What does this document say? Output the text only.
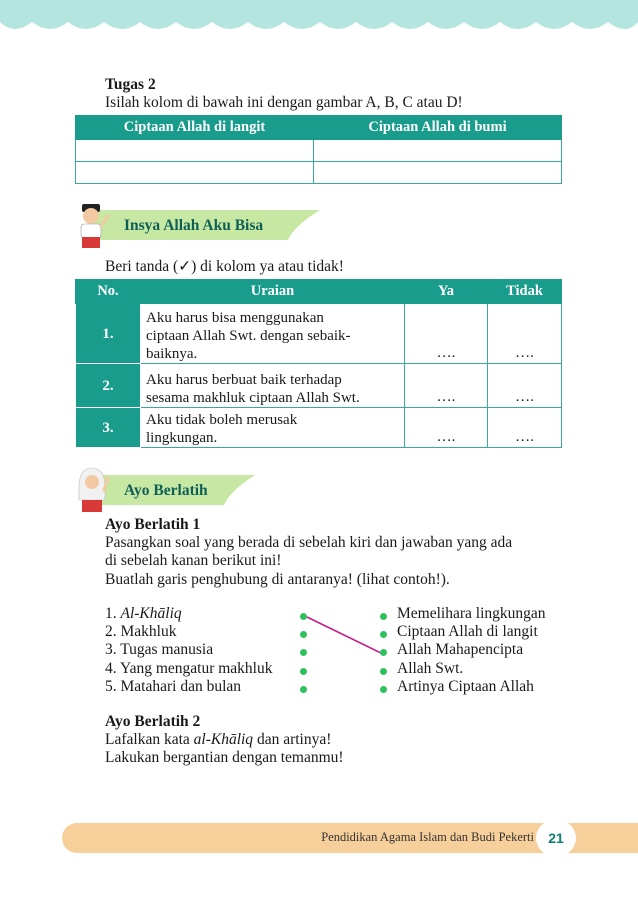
Tugas 2
Isilah kolom di bawah ini dengan gambar A, B, C atau D!
Ciptaan Allah di langit	Ciptaan Allah di bumi

Insya Allah Aku Bisa
Beri tanda (✓) di kolom ya atau tidak!
No.	Uraian	Ya	Tidak
1.	Aku harus bisa menggunakan
ciptaan Allah Swt. dengan sebaik-
baiknya.	….	….
2.	Aku harus berbuat baik terhadap
sesama makhluk ciptaan Allah Swt.	….	….
3.	Aku tidak boleh merusak
lingkungan.	….	….
Ayo Berlatih
Ayo Berlatih 1
Pasangkan soal yang berada di sebelah kiri dan jawaban yang ada
di sebelah kanan berikut ini!
Buatlah garis penghubung di antaranya! (lihat contoh!).
1. Al-Khāliq
2. Makhluk
3. Tugas manusia
4. Yang mengatur makhluk
5. Matahari dan bulan
Memelihara lingkungan
Ciptaan Allah di langit
Allah Mahapencipta
Allah Swt.
Artinya Ciptaan Allah
Ayo Berlatih 2
Lafalkan kata al-Khāliq dan artinya!
Lakukan bergantian dengan temanmu!
Pendidikan Agama Islam dan Budi Pekerti	21
